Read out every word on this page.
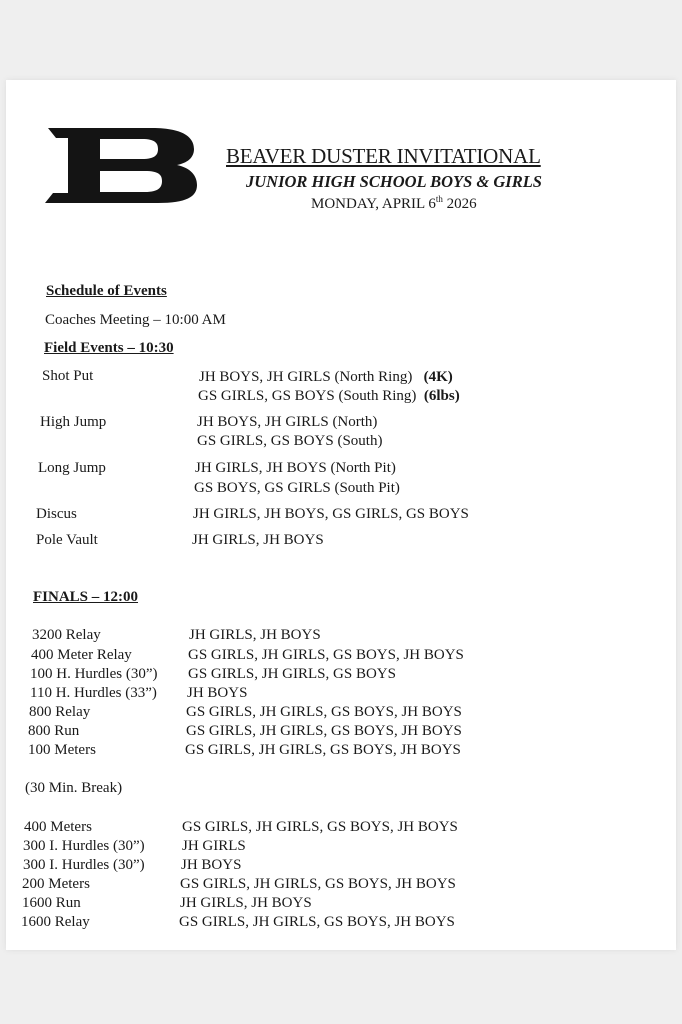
BEAVER DUSTER INVITATIONAL
JUNIOR HIGH SCHOOL BOYS & GIRLS
MONDAY, APRIL 6th 2026
Schedule of Events
Coaches Meeting – 10:00 AM
Field Events – 10:30
Shot Put	JH BOYS, JH GIRLS (North Ring) (4K)
GS GIRLS, GS BOYS (South Ring) (6lbs)
High Jump	JH BOYS, JH GIRLS (North)
GS GIRLS, GS BOYS (South)
Long Jump	JH GIRLS, JH BOYS (North Pit)
GS BOYS, GS GIRLS (South Pit)
Discus	JH GIRLS, JH BOYS, GS GIRLS, GS BOYS
Pole Vault	JH GIRLS, JH BOYS
FINALS – 12:00
3200 Relay	JH GIRLS, JH BOYS
400 Meter Relay	GS GIRLS, JH GIRLS, GS BOYS, JH BOYS
100 H. Hurdles (30”) GS GIRLS, JH GIRLS, GS BOYS
110 H. Hurdles (33”) JH BOYS
800 Relay	GS GIRLS, JH GIRLS, GS BOYS, JH BOYS
800 Run	GS GIRLS, JH GIRLS, GS BOYS, JH BOYS
100 Meters	GS GIRLS, JH GIRLS, GS BOYS, JH BOYS
(30 Min. Break)
400 Meters	GS GIRLS, JH GIRLS, GS BOYS, JH BOYS
300 I. Hurdles (30”) JH GIRLS
300 I. Hurdles (30”) JH BOYS
200 Meters	GS GIRLS, JH GIRLS, GS BOYS, JH BOYS
1600 Run	JH GIRLS, JH BOYS
1600 Relay	GS GIRLS, JH GIRLS, GS BOYS, JH BOYS
